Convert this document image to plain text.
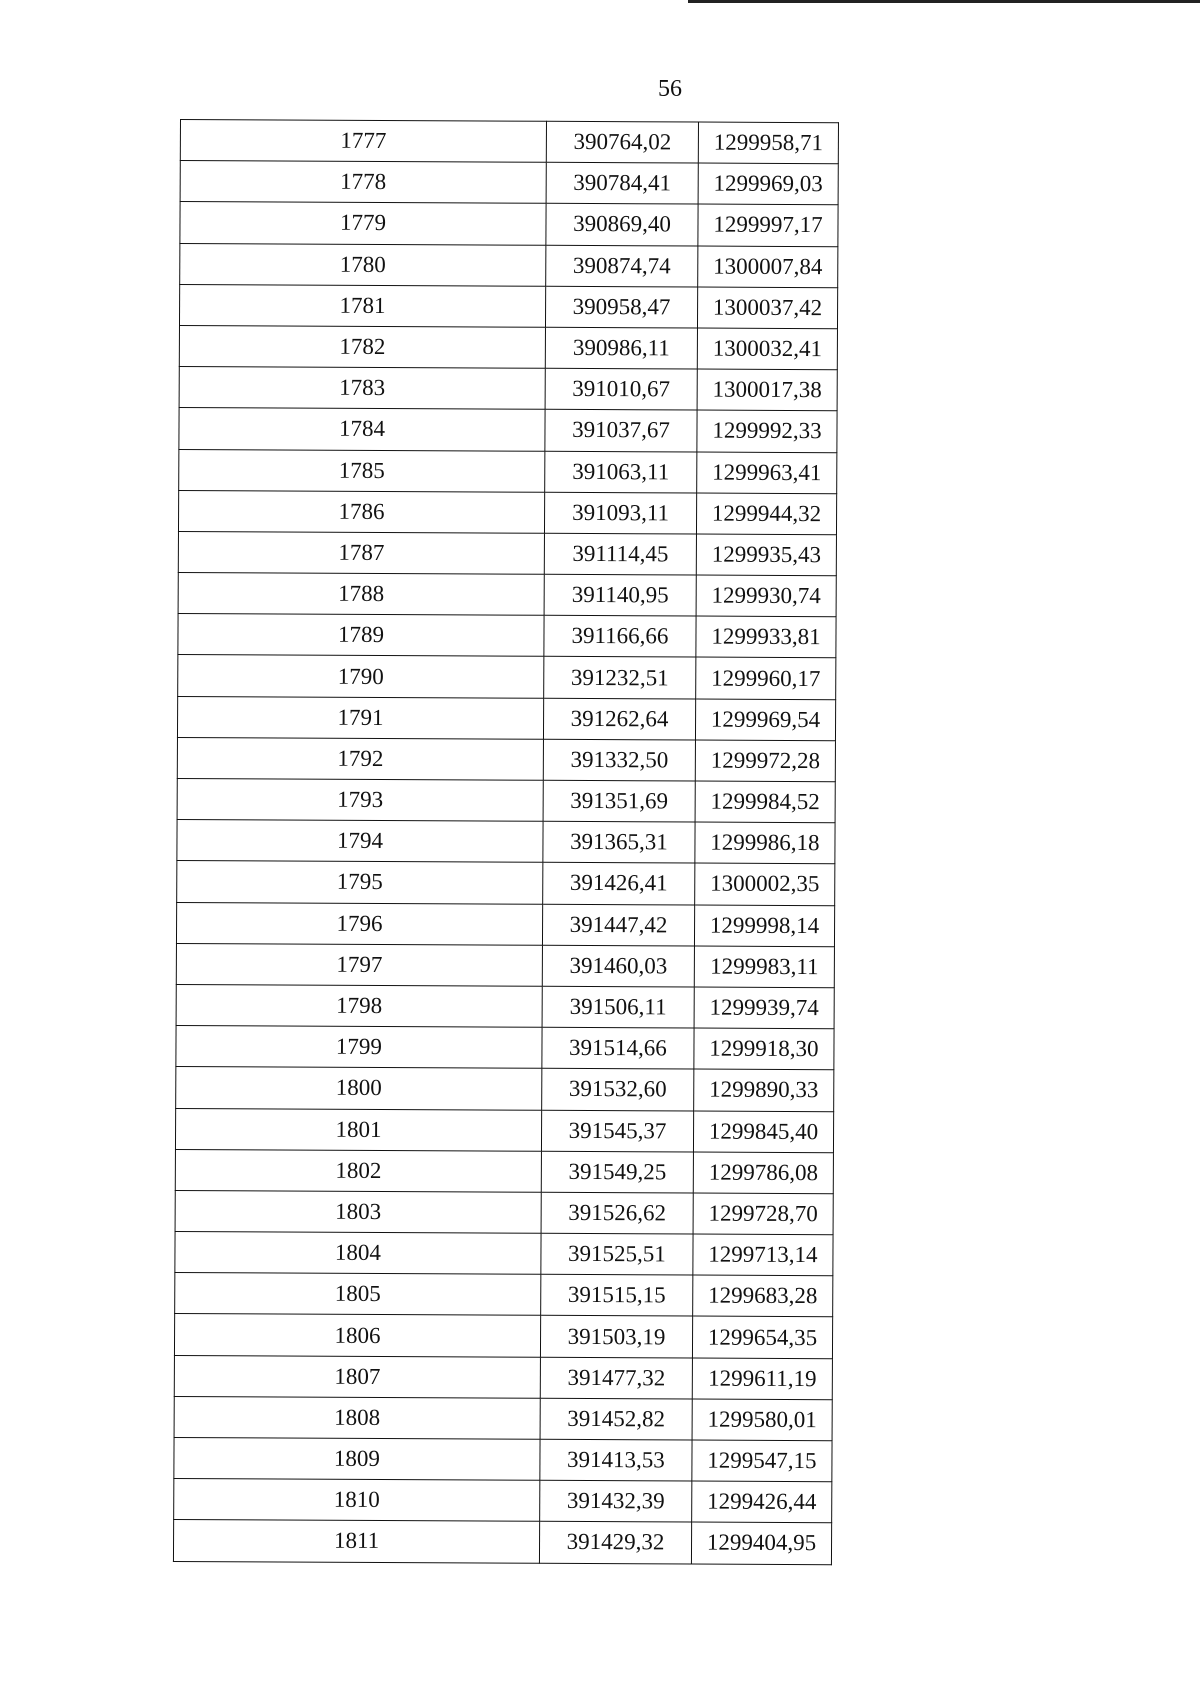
56
1777	390764,02	1299958,71
1778	390784,41	1299969,03
1779	390869,40	1299997,17
1780	390874,74	1300007,84
1781	390958,47	1300037,42
1782	390986,11	1300032,41
1783	391010,67	1300017,38
1784	391037,67	1299992,33
1785	391063,11	1299963,41
1786	391093,11	1299944,32
1787	391114,45	1299935,43
1788	391140,95	1299930,74
1789	391166,66	1299933,81
1790	391232,51	1299960,17
1791	391262,64	1299969,54
1792	391332,50	1299972,28
1793	391351,69	1299984,52
1794	391365,31	1299986,18
1795	391426,41	1300002,35
1796	391447,42	1299998,14
1797	391460,03	1299983,11
1798	391506,11	1299939,74
1799	391514,66	1299918,30
1800	391532,60	1299890,33
1801	391545,37	1299845,40
1802	391549,25	1299786,08
1803	391526,62	1299728,70
1804	391525,51	1299713,14
1805	391515,15	1299683,28
1806	391503,19	1299654,35
1807	391477,32	1299611,19
1808	391452,82	1299580,01
1809	391413,53	1299547,15
1810	391432,39	1299426,44
1811	391429,32	1299404,95
